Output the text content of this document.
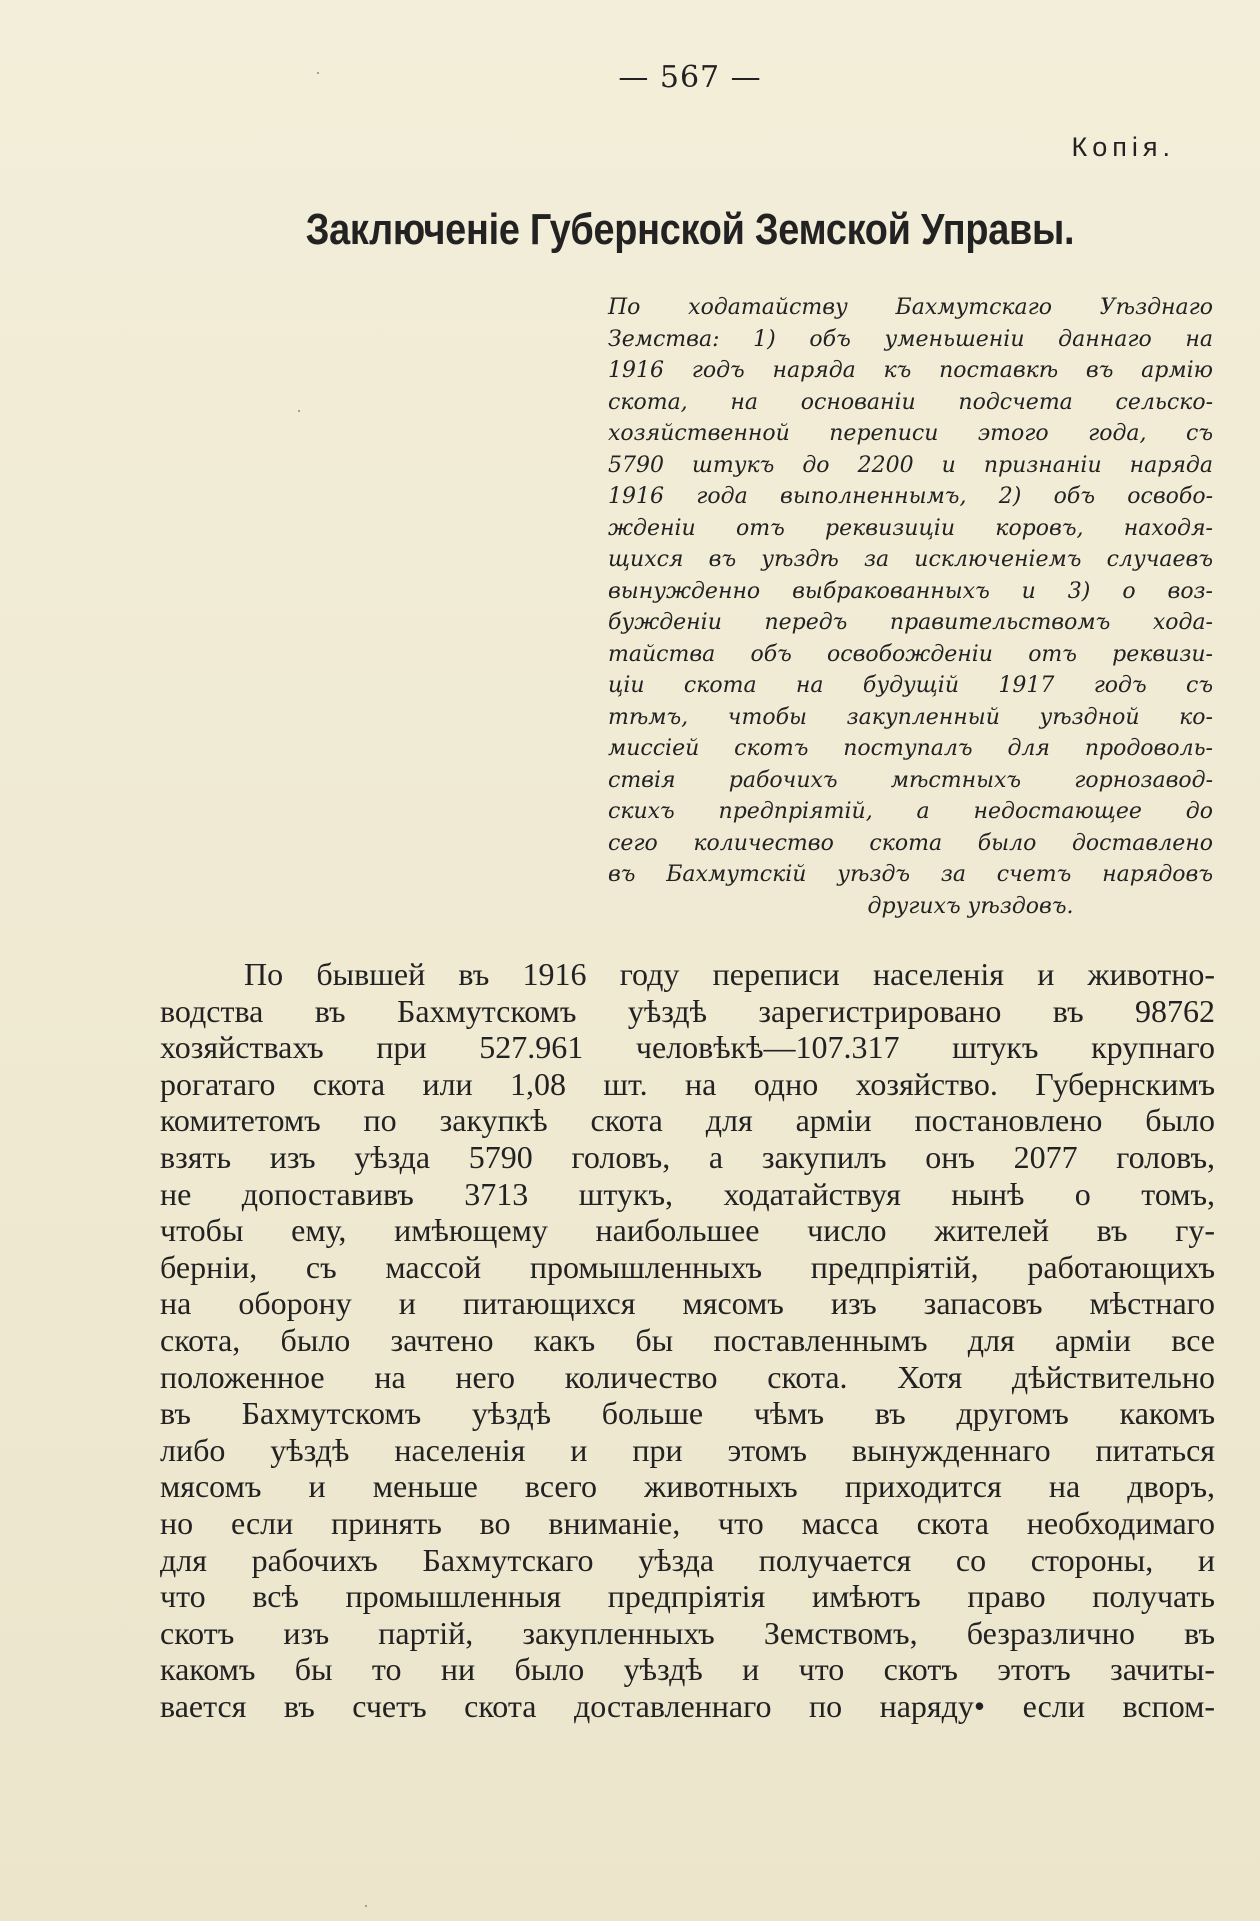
— 567 —
Копія.
Заключеніе Губернской Земской Управы.
По ходатайству Бахмутскаго Уѣзднаго
Земства: 1) объ уменьшеніи даннаго на
1916 годъ наряда къ поставкѣ въ армію
скота, на основаніи подсчета сельско-
хозяйственной переписи этого года, съ
5790 штукъ до 2200 и признаніи наряда
1916 года выполненнымъ, 2) объ освобо-
жденіи отъ реквизиціи коровъ, находя-
щихся въ уѣздѣ за исключеніемъ случаевъ
вынужденно выбракованныхъ и 3) о воз-
бужденіи передъ правительствомъ хода-
тайства объ освобожденіи отъ реквизи-
ціи скота на будущій 1917 годъ съ
тѣмъ, чтобы закупленный уѣздной ко-
миссіей скотъ поступалъ для продоволь-
ствія рабочихъ мѣстныхъ горнозавод-
скихъ предпріятій, а недостающее до
сего количество скота было доставлено
въ Бахмутскій уѣздъ за счетъ нарядовъ
другихъ уѣздовъ.
По бывшей въ 1916 году переписи населенія и животно-
водства въ Бахмутскомъ уѣздѣ зарегистрировано въ 98762
хозяйствахъ при 527.961 человѣкѣ—107.317 штукъ крупнаго
рогатаго скота или 1,08 шт. на одно хозяйство. Губернскимъ
комитетомъ по закупкѣ скота для арміи постановлено было
взять изъ уѣзда 5790 головъ, а закупилъ онъ 2077 головъ,
не допоставивъ 3713 штукъ, ходатайствуя нынѣ о томъ,
чтобы ему, имѣющему наибольшее число жителей въ гу-
берніи, съ массой промышленныхъ предпріятій, работающихъ
на оборону и питающихся мясомъ изъ запасовъ мѣстнаго
скота, было зачтено какъ бы поставленнымъ для арміи все
положенное на него количество скота. Хотя дѣйствительно
въ Бахмутскомъ уѣздѣ больше чѣмъ въ другомъ какомъ
либо уѣздѣ населенія и при этомъ вынужденнаго питаться
мясомъ и меньше всего животныхъ приходится на дворъ,
но если принять во вниманіе, что масса скота необходимаго
для рабочихъ Бахмутскаго уѣзда получается со стороны, и
что всѣ промышленныя предпріятія имѣютъ право получать
скотъ изъ партій, закупленныхъ Земствомъ, безразлично въ
какомъ бы то ни было уѣздѣ и что скотъ этотъ зачиты-
вается въ счетъ скота доставленнаго по наряду• если вспом-
